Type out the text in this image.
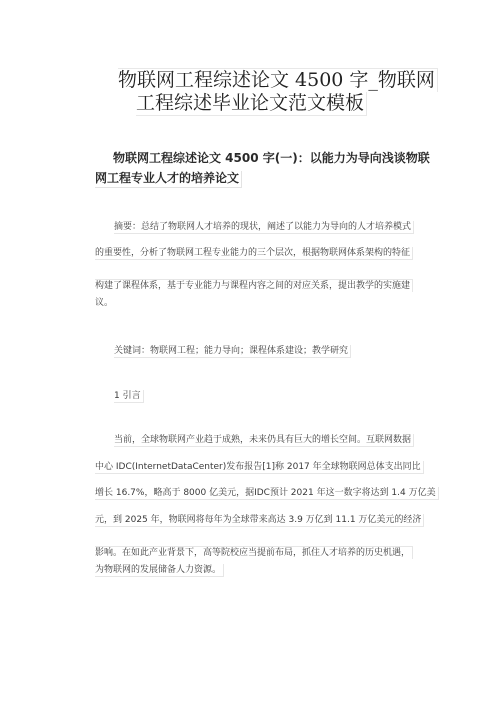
物联网工程综述论文 4500 字_物联网
工程综述毕业论文范文模板
物联网工程综述论文 4500 字(一)：以能力为导向浅谈物联
网工程专业人才的培养论文
摘要：总结了物联网人才培养的现状，阐述了以能力为导向的人才培养模式
的重要性，分析了物联网工程专业能力的三个层次，根据物联网体系架构的特征
构建了课程体系，基于专业能力与课程内容之间的对应关系，提出教学的实施建
议。
关键词：物联网工程；能力导向；课程体系建设；教学研究
1 引言
当前，全球物联网产业趋于成熟，未来仍具有巨大的增长空间。互联网数据
中心 IDC(InternetDataCenter)发布报告[1]称 2017 年全球物联网总体支出同比
增长 16.7%，略高于 8000 亿美元，据IDC预计 2021 年这一数字将达到 1.4 万亿美
元，到 2025 年，物联网将每年为全球带来高达 3.9 万亿到 11.1 万亿美元的经济
影响。在如此产业背景下，高等院校应当提前布局，抓住人才培养的历史机遇，
为物联网的发展储备人力资源。
